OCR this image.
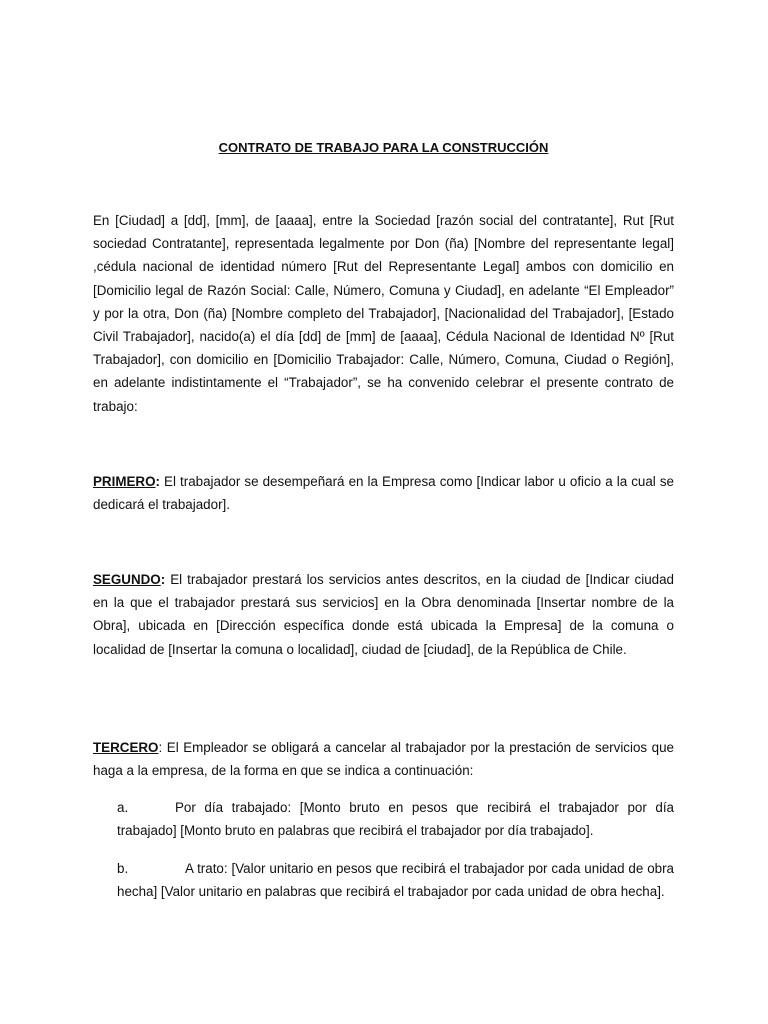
CONTRATO DE TRABAJO PARA LA CONSTRUCCIÓN

En [Ciudad] a [dd], [mm], de [aaaa], entre la Sociedad [razón social del contratante], Rut [Rut sociedad Contratante], representada legalmente por Don (ña) [Nombre del representante legal] ,cédula nacional de identidad número [Rut del Representante Legal] ambos con domicilio en [Domicilio legal de Razón Social: Calle, Número, Comuna y Ciudad], en adelante “El Empleador” y por la otra, Don (ña) [Nombre completo del Trabajador], [Nacionalidad del Trabajador], [Estado Civil Trabajador], nacido(a) el día [dd] de [mm] de [aaaa], Cédula Nacional de Identidad Nº [Rut Trabajador], con domicilio en [Domicilio Trabajador: Calle, Número, Comuna, Ciudad o Región], en adelante indistintamente el “Trabajador”, se ha convenido celebrar el presente contrato de trabajo:

PRIMERO: El trabajador se desempeñará en la Empresa como [Indicar labor u oficio a la cual se dedicará el trabajador].

SEGUNDO: El trabajador prestará los servicios antes descritos, en la ciudad de [Indicar ciudad en la que el trabajador prestará sus servicios] en la Obra denominada [Insertar nombre de la Obra], ubicada en [Dirección específica donde está ubicada la Empresa] de la comuna o localidad de [Insertar la comuna o localidad], ciudad de [ciudad], de la República de Chile.

TERCERO: El Empleador se obligará a cancelar al trabajador por la prestación de servicios que haga a la empresa, de la forma en que se indica a continuación:

a.	Por día trabajado: [Monto bruto en pesos que recibirá el trabajador por día trabajado] [Monto bruto en palabras que recibirá el trabajador por día trabajado].

b.	A trato: [Valor unitario en pesos que recibirá el trabajador por cada unidad de obra hecha] [Valor unitario en palabras que recibirá el trabajador por cada unidad de obra hecha].
